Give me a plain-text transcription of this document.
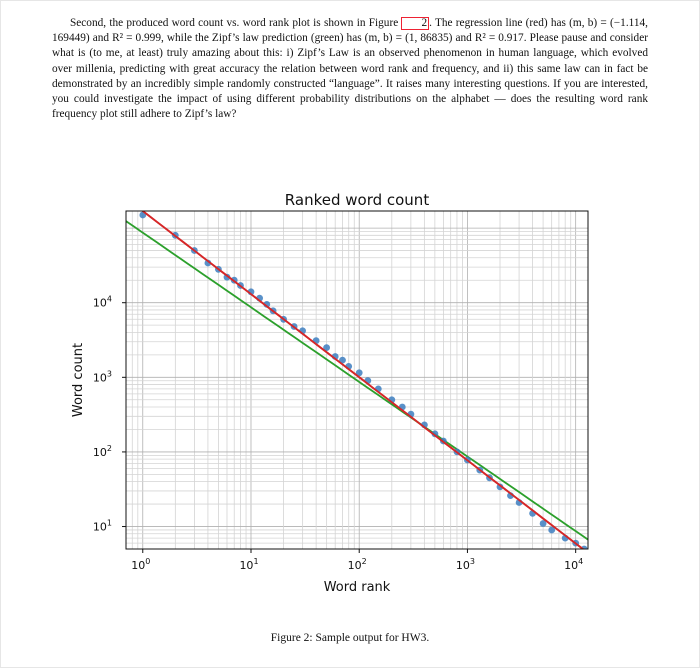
Second, the produced word count vs. word rank plot is shown in Figure 2 . The regression line (red) has (m, b) = (−1.114, 169449) and R² = 0.999, while the Zipf’s law prediction (green) has (m, b) = (1, 86835) and R² = 0.917. Please pause and consider what is (to me, at least) truly amazing about this: i) Zipf’s Law is an observed phenomenon in human language, which evolved over millenia, predicting with great accuracy the relation between word rank and frequency, and ii) this same law can in fact be demonstrated by an incredibly simple randomly constructed “language”. It raises many interesting questions. If you are interested, you could investigate the impact of using different probability distributions on the alphabet — does the resulting word rank frequency plot still adhere to Zipf’s law?

Ranked word count
$10^0$	$10^1$	$10^2$	$10^3$	$10^4$
$10^1$
$10^2$
$10^3$
$10^4$
Word rank
Word count
Figure 2: Sample output for HW3.
